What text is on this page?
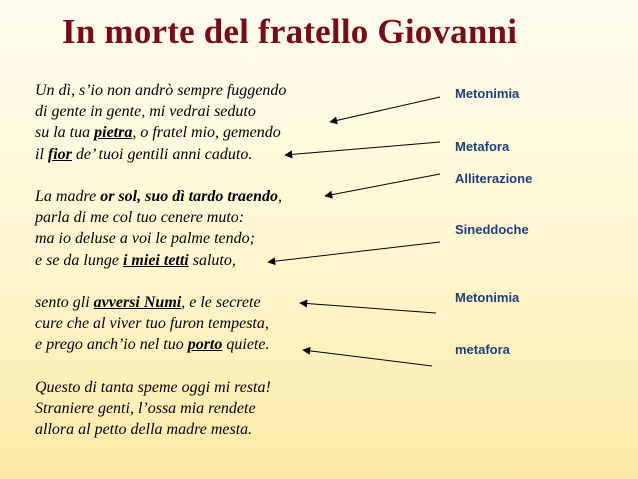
In morte del fratello Giovanni
Un dì, s’io non andrò sempre fuggendo
di gente in gente, mi vedrai seduto
su la tua pietra, o fratel mio, gemendo
il fior de’ tuoi gentili anni caduto.
La madre or sol, suo dì tardo traendo,
parla di me col tuo cenere muto:
ma io deluse a voi le palme tendo;
e se da lunge i miei tetti saluto,
sento gli avversi Numi, e le secrete
cure che al viver tuo furon tempesta,
e prego anch’io nel tuo porto quiete.
Questo di tanta speme oggi mi resta!
Straniere genti, l’ossa mia rendete
allora al petto della madre mesta.
Metonimia
Metafora
Alliterazione
Sineddoche
Metonimia
metafora
